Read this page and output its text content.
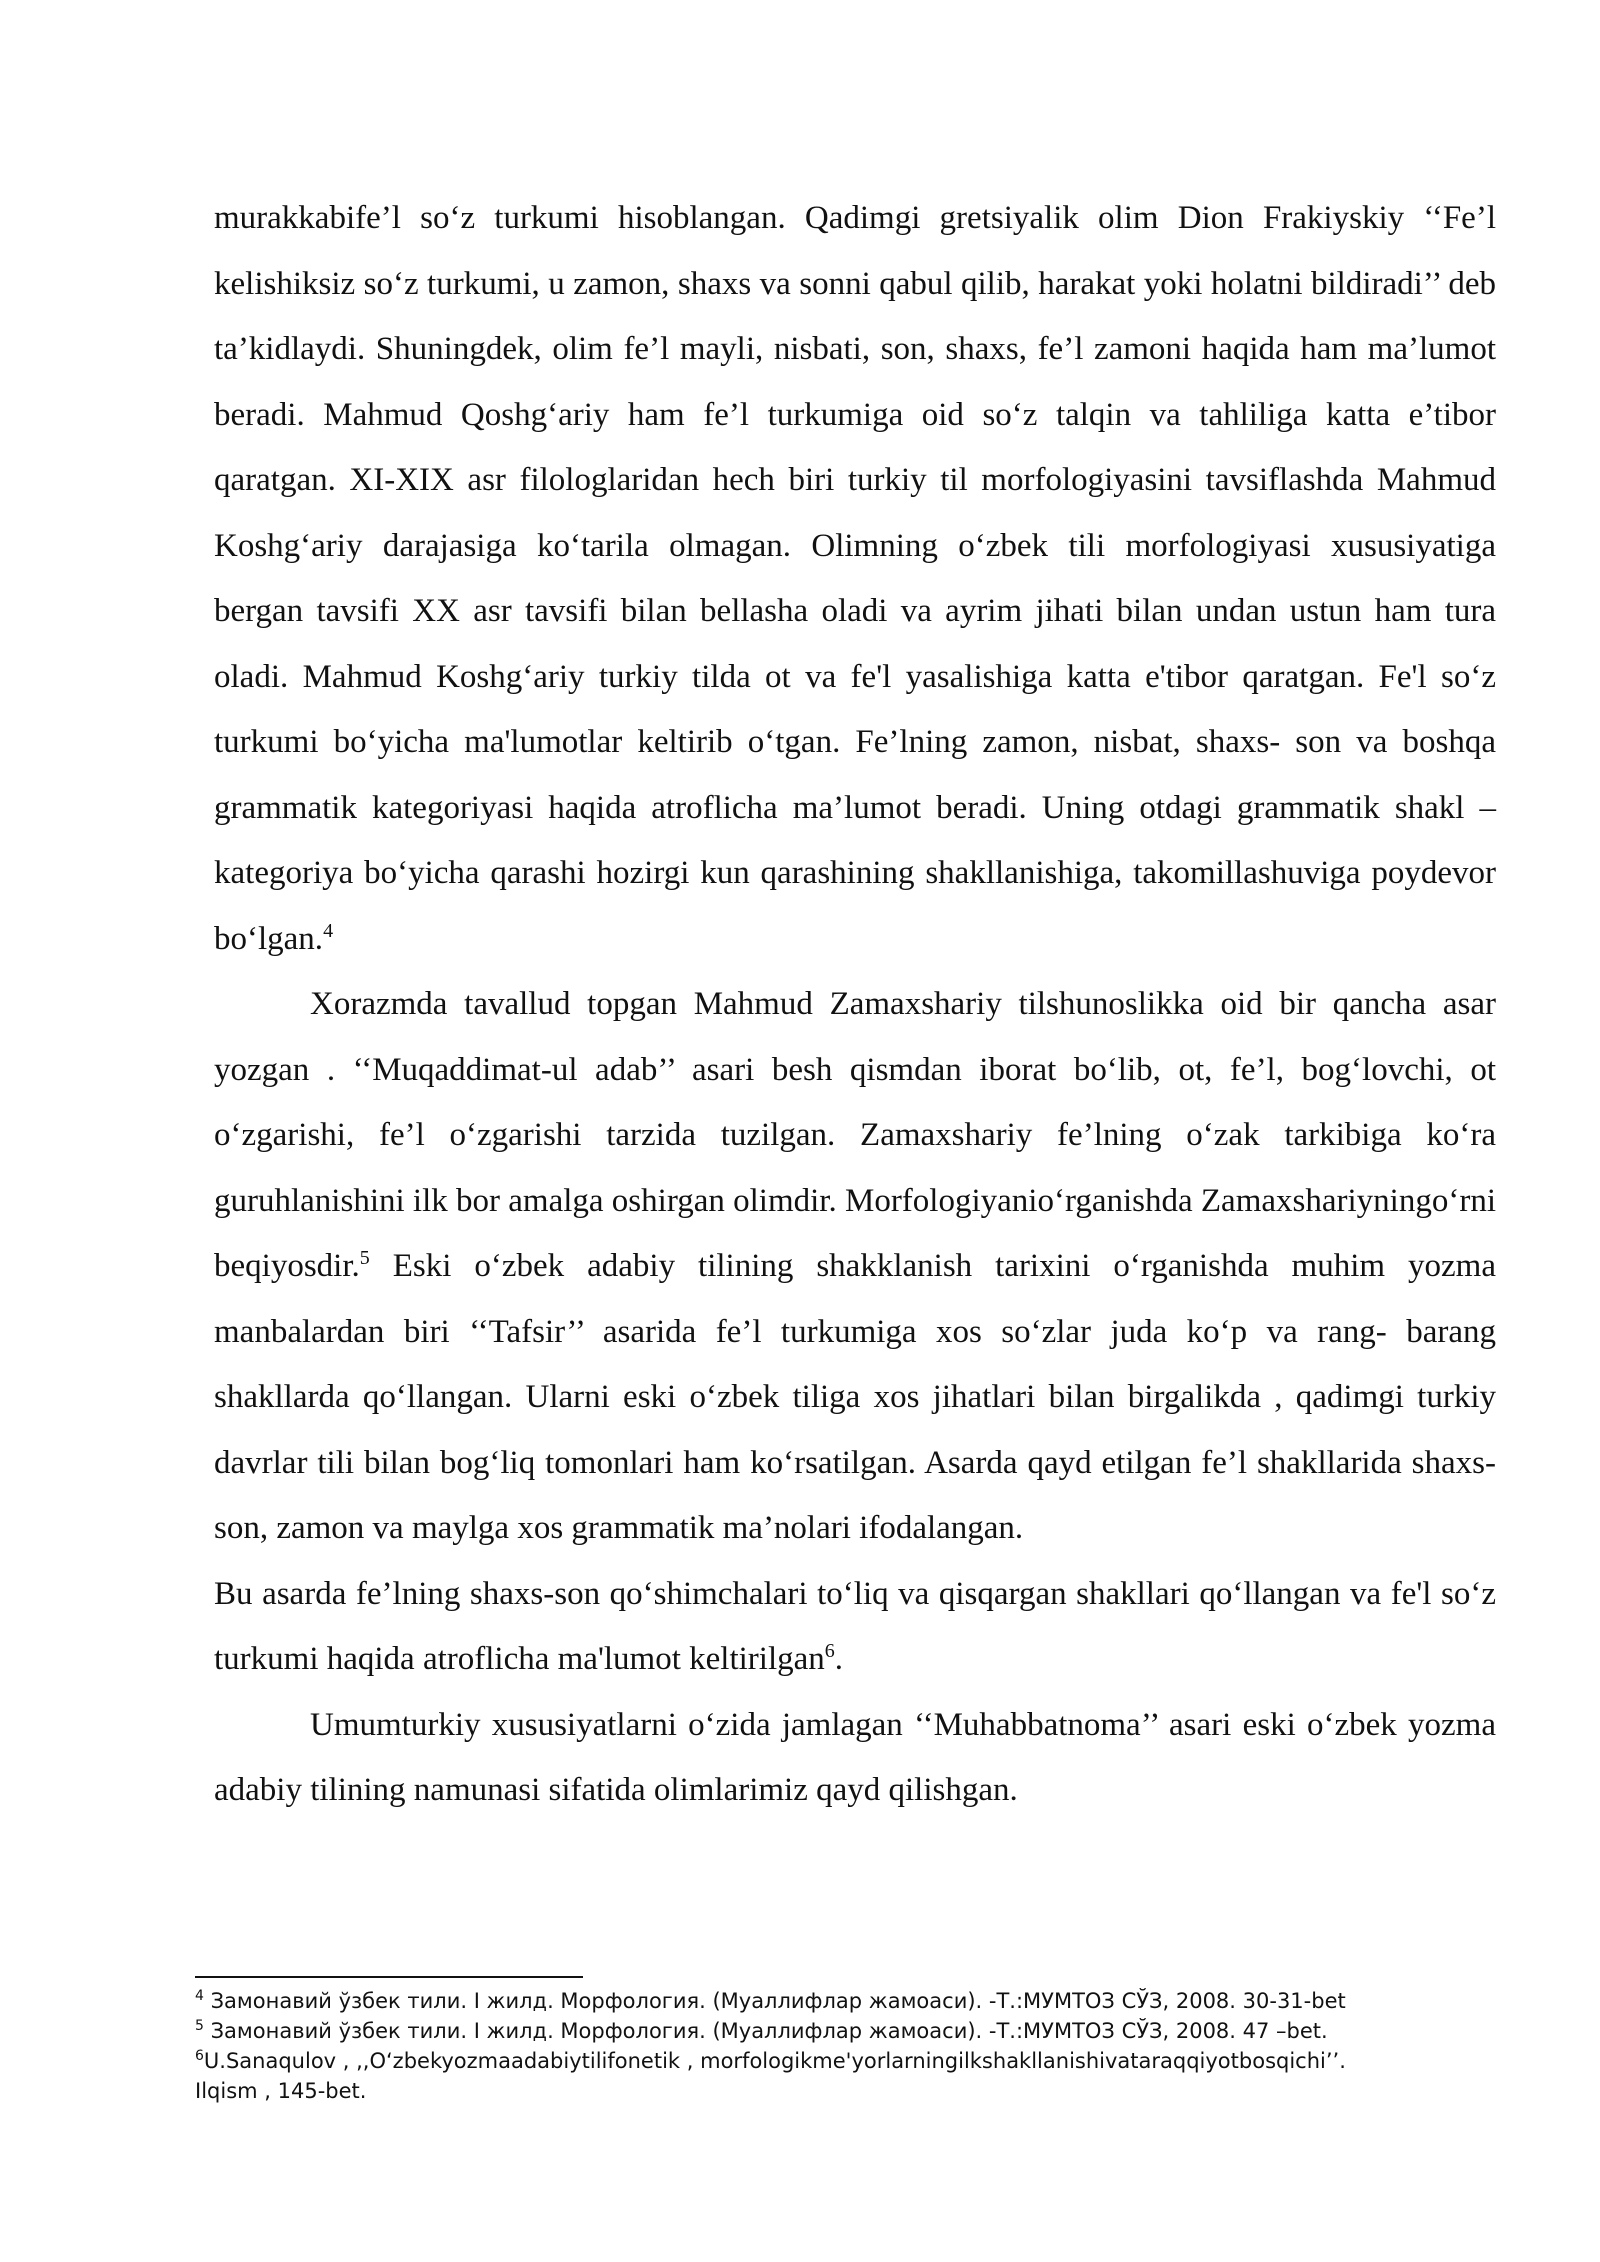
murakkabife’l so‘z turkumi hisoblangan. Qadimgi gretsiyalik olim Dion Frakiyskiy ‘‘Fe’l kelishiksiz so‘z turkumi, u zamon, shaxs va sonni qabul qilib, harakat yoki holatni bildiradi’’ deb ta’kidlaydi. Shuningdek, olim fe’l mayli, nisbati, son, shaxs, fe’l zamoni haqida ham ma’lumot beradi. Mahmud Qoshg‘ariy ham fe’l turkumiga oid so‘z talqin va tahliliga katta e’tibor qaratgan. XI-XIX asr filologlaridan hech biri turkiy til morfologiyasini tavsiflashda Mahmud Koshg‘ariy darajasiga ko‘tarila olmagan. Olimning o‘zbek tili morfologiyasi xususiyatiga bergan tavsifi XX asr tavsifi bilan bellasha oladi va ayrim jihati bilan undan ustun ham tura oladi. Mahmud Koshg‘ariy turkiy tilda ot va fe'l yasalishiga katta e'tibor qaratgan. Fe'l so‘z turkumi bo‘yicha ma'lumotlar keltirib o‘tgan. Fe’lning zamon, nisbat, shaxs- son va boshqa grammatik kategoriyasi haqida atroflicha ma’lumot beradi. Uning otdagi grammatik shakl – kategoriya bo‘yicha qarashi hozirgi kun qarashining shakllanishiga, takomillashuviga poydevor bo‘lgan.$^4$

Xorazmda tavallud topgan Mahmud Zamaxshariy tilshunoslikka oid bir qancha asar yozgan . ‘‘Muqaddimat-ul adab’’ asari besh qismdan iborat bo‘lib, ot, fe’l, bog‘lovchi, ot o‘zgarishi, fe’l o‘zgarishi tarzida tuzilgan. Zamaxshariy fe’lning o‘zak tarkibiga ko‘ra guruhlanishini ilk bor amalga oshirgan olimdir. Morfologiyanio‘rganishda Zamaxshariyningo‘rni beqiyosdir.$^5$ Eski o‘zbek adabiy tilining shakklanish tarixini o‘rganishda muhim yozma manbalardan biri ‘‘Tafsir’’ asarida fe’l turkumiga xos so‘zlar juda ko‘p va rang- barang shakllarda qo‘llangan. Ularni eski o‘zbek tiliga xos jihatlari bilan birgalikda , qadimgi turkiy davrlar tili bilan bog‘liq tomonlari ham ko‘rsatilgan. Asarda qayd etilgan fe’l shakllarida shaxs- son, zamon va maylga xos grammatik ma’nolari ifodalangan.

Bu asarda fe’lning shaxs-son qo‘shimchalari to‘liq va qisqargan shakllari qo‘llangan va fe'l so‘z turkumi haqida atroflicha ma'lumot keltirilgan$^6$.

Umumturkiy xususiyatlarni o‘zida jamlagan ‘‘Muhabbatnoma’’ asari eski o‘zbek yozma adabiy tilining namunasi sifatida olimlarimiz qayd qilishgan.

$^4$ Замонавий ўзбек тили. I жилд. Морфология. (Муаллифлар жамоаси). -Т.:МУМТОЗ СЎЗ, 2008. 30-31-bet

$^5$ Замонавий ўзбек тили. I жилд. Морфология. (Муаллифлар жамоаси). -Т.:МУМТОЗ СЎЗ, 2008. 47 –bet.

$^6$U.Sanaqulov , ,,O‘zbekyozmaadabiytilifonetik , morfologikme'yorlarningilkshakllanishivataraqqiyotbosqichi’’.

Ilqism , 145-bet.
